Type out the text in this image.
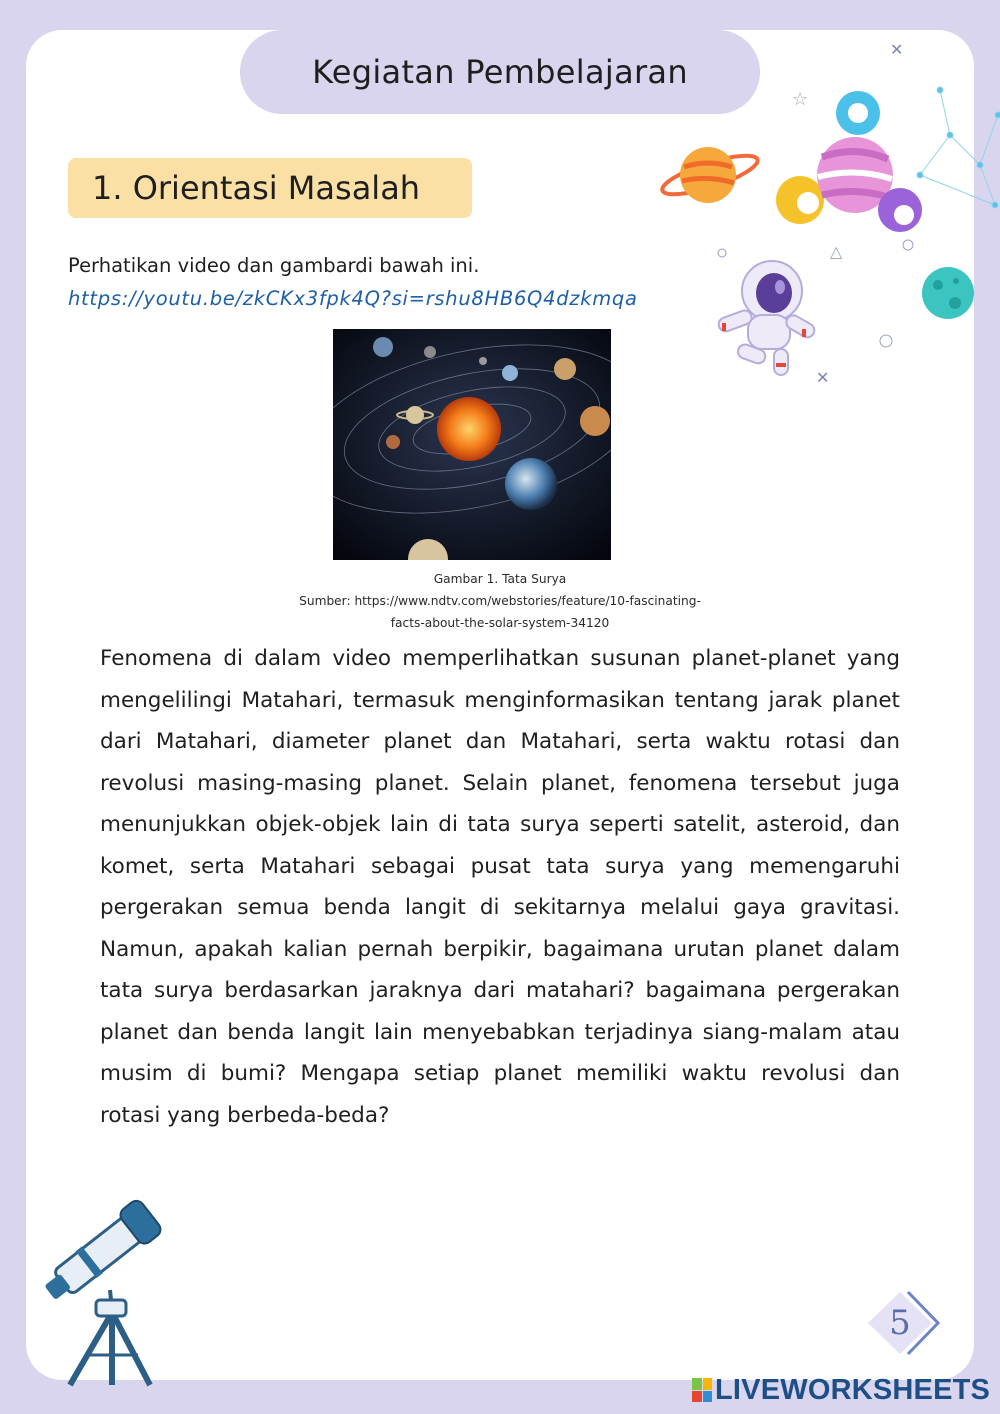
✕
☆
△
✕
Kegiatan Pembelajaran
1. Orientasi Masalah
Perhatikan video dan gambardi bawah ini.
https://youtu.be/zkCKx3fpk4Q?si=rshu8HB6Q4dzkmqa
Gambar 1. Tata Surya
Sumber: https://www.ndtv.com/webstories/feature/10-fascinating-
facts-about-the-solar-system-34120
Fenomena di dalam video memperlihatkan susunan planet-planet yang mengelilingi Matahari, termasuk menginformasikan tentang jarak planet dari Matahari, diameter planet dan Matahari, serta waktu rotasi dan revolusi masing-masing planet. Selain planet, fenomena tersebut juga menunjukkan objek-objek lain di tata surya seperti satelit, asteroid, dan komet, serta Matahari sebagai pusat tata surya yang memengaruhi pergerakan semua benda langit di sekitarnya melalui gaya gravitasi. Namun, apakah kalian pernah berpikir, bagaimana urutan planet dalam tata surya berdasarkan jaraknya dari matahari? bagaimana pergerakan planet dan benda langit lain menyebabkan terjadinya siang-malam atau musim di bumi? Mengapa setiap planet memiliki waktu revolusi dan rotasi yang berbeda-beda?
5
LIVEWORKSHEETS
